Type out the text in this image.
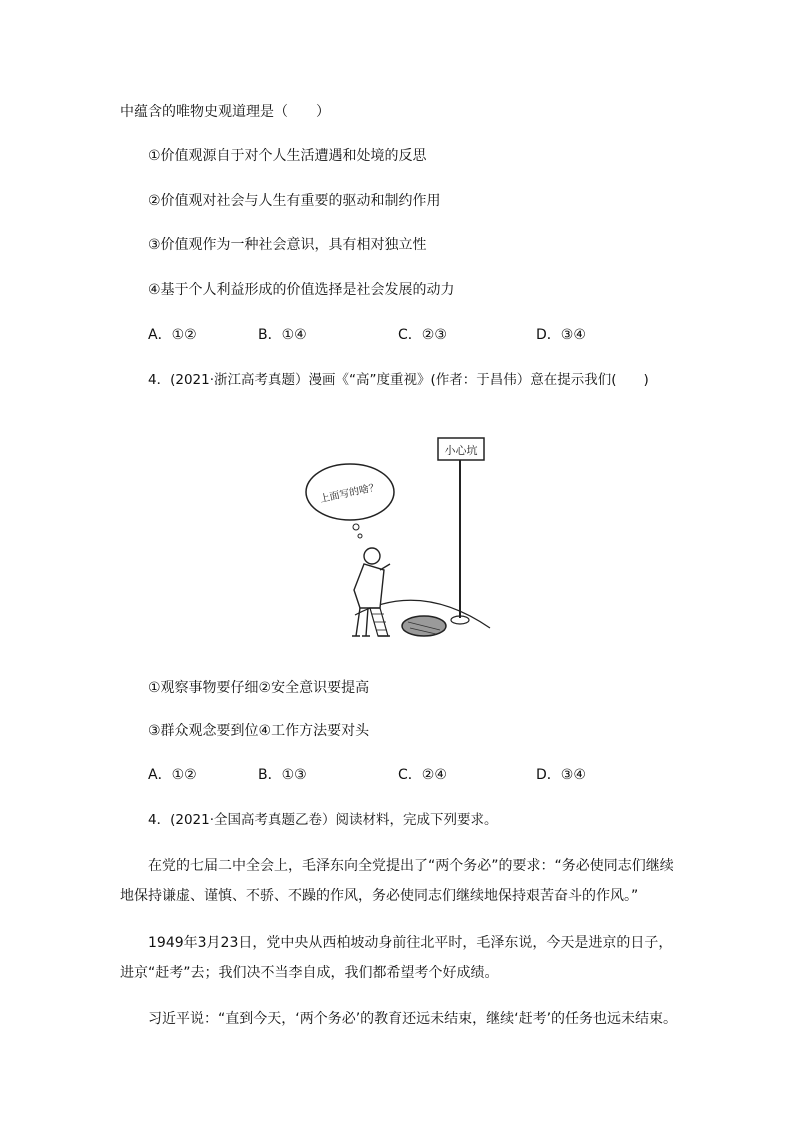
中蕴含的唯物史观道理是（　　）
①价值观源自于对个人生活遭遇和处境的反思
②价值观对社会与人生有重要的驱动和制约作用
③价值观作为一种社会意识，具有相对独立性
④基于个人利益形成的价值选择是社会发展的动力
A．①②	B．①④	C．②③	D．③④
4．(2021·浙江高考真题）漫画《“高”度重视》(作者：于昌伟）意在提示我们(　　)
小心坑
上面写的啥？
①观察事物要仔细②安全意识要提高
③群众观念要到位④工作方法要对头
A．①②	B．①③	C．②④	D．③④
4．(2021·全国高考真题乙卷）阅读材料，完成下列要求。
在党的七届二中全会上，毛泽东向全党提出了“两个务必”的要求：“务必使同志们继续地保持谦虚、谨慎、不骄、不躁的作风，务必使同志们继续地保持艰苦奋斗的作风。”
1949年3月23日，党中央从西柏坡动身前往北平时，毛泽东说，今天是进京的日子，进京“赶考”去；我们决不当李自成，我们都希望考个好成绩。
习近平说：“直到今天，‘两个务必’的教育还远未结束，继续‘赶考’的任务也远未结束。
